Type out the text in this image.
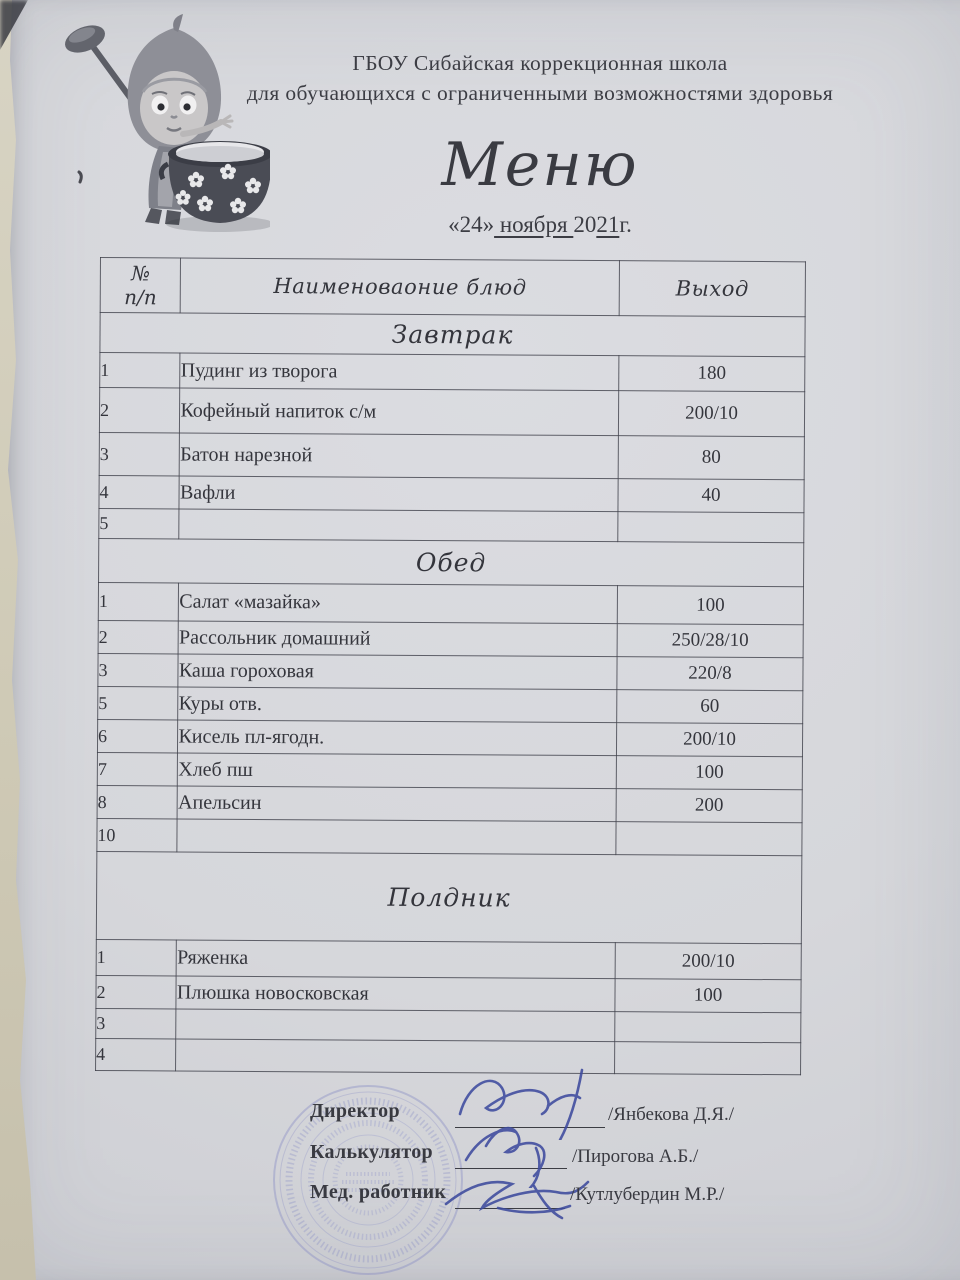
ГБОУ Сибайская коррекционная школа
для обучающихся с ограниченными возможностями здоровья
Меню
«24» ноября 2021г.
№
п/п	Наименоваоние блюд	Выход
Завтрак		
1	Пудинг из творога	180
2	Кофейный напиток с/м	200/10
3	Батон нарезной	80
4	Вафли	40
5		
Обед		
1	Салат «мазайка»	100
2	Рассольник домашний	250/28/10
3	Каша гороховая	220/8
5	Куры отв.	60
6	Кисель пл-ягодн.	200/10
7	Хлеб пш	100
8	Апельсин	200
10		
Полдник		
1	Ряженка	200/10
2	Плюшка новосковская	100
3		
4		
Директор	/Янбекова Д.Я./
Калькулятор	/Пирогова А.Б./
Мед. работник	/Кутлубердин М.Р./
